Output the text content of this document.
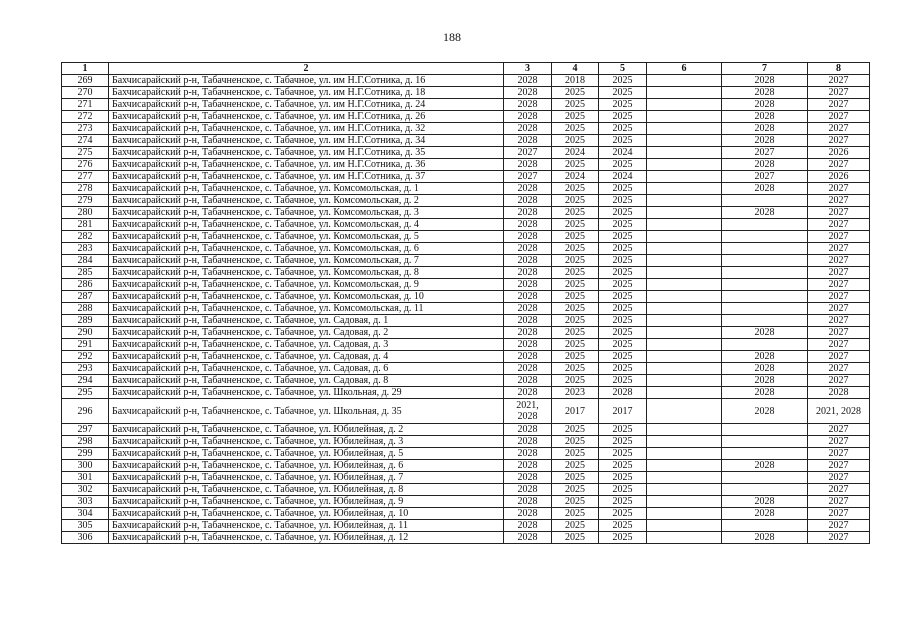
188
1	2	3	4	5	6	7	8
269	Бахчисарайский р-н, Табачненское, с. Табачное, ул. им Н.Г.Сотника, д. 16	2028	2018	2025		2028	2027
270	Бахчисарайский р-н, Табачненское, с. Табачное, ул. им Н.Г.Сотника, д. 18	2028	2025	2025		2028	2027
271	Бахчисарайский р-н, Табачненское, с. Табачное, ул. им Н.Г.Сотника, д. 24	2028	2025	2025		2028	2027
272	Бахчисарайский р-н, Табачненское, с. Табачное, ул. им Н.Г.Сотника, д. 26	2028	2025	2025		2028	2027
273	Бахчисарайский р-н, Табачненское, с. Табачное, ул. им Н.Г.Сотника, д. 32	2028	2025	2025		2028	2027
274	Бахчисарайский р-н, Табачненское, с. Табачное, ул. им Н.Г.Сотника, д. 34	2028	2025	2025		2028	2027
275	Бахчисарайский р-н, Табачненское, с. Табачное, ул. им Н.Г.Сотника, д. 35	2027	2024	2024		2027	2026
276	Бахчисарайский р-н, Табачненское, с. Табачное, ул. им Н.Г.Сотника, д. 36	2028	2025	2025		2028	2027
277	Бахчисарайский р-н, Табачненское, с. Табачное, ул. им Н.Г.Сотника, д. 37	2027	2024	2024		2027	2026
278	Бахчисарайский р-н, Табачненское, с. Табачное, ул. Комсомольская, д. 1	2028	2025	2025		2028	2027
279	Бахчисарайский р-н, Табачненское, с. Табачное, ул. Комсомольская, д. 2	2028	2025	2025			2027
280	Бахчисарайский р-н, Табачненское, с. Табачное, ул. Комсомольская, д. 3	2028	2025	2025		2028	2027
281	Бахчисарайский р-н, Табачненское, с. Табачное, ул. Комсомольская, д. 4	2028	2025	2025			2027
282	Бахчисарайский р-н, Табачненское, с. Табачное, ул. Комсомольская, д. 5	2028	2025	2025			2027
283	Бахчисарайский р-н, Табачненское, с. Табачное, ул. Комсомольская, д. 6	2028	2025	2025			2027
284	Бахчисарайский р-н, Табачненское, с. Табачное, ул. Комсомольская, д. 7	2028	2025	2025			2027
285	Бахчисарайский р-н, Табачненское, с. Табачное, ул. Комсомольская, д. 8	2028	2025	2025			2027
286	Бахчисарайский р-н, Табачненское, с. Табачное, ул. Комсомольская, д. 9	2028	2025	2025			2027
287	Бахчисарайский р-н, Табачненское, с. Табачное, ул. Комсомольская, д. 10	2028	2025	2025			2027
288	Бахчисарайский р-н, Табачненское, с. Табачное, ул. Комсомольская, д. 11	2028	2025	2025			2027
289	Бахчисарайский р-н, Табачненское, с. Табачное, ул. Садовая, д. 1	2028	2025	2025			2027
290	Бахчисарайский р-н, Табачненское, с. Табачное, ул. Садовая, д. 2	2028	2025	2025		2028	2027
291	Бахчисарайский р-н, Табачненское, с. Табачное, ул. Садовая, д. 3	2028	2025	2025			2027
292	Бахчисарайский р-н, Табачненское, с. Табачное, ул. Садовая, д. 4	2028	2025	2025		2028	2027
293	Бахчисарайский р-н, Табачненское, с. Табачное, ул. Садовая, д. 6	2028	2025	2025		2028	2027
294	Бахчисарайский р-н, Табачненское, с. Табачное, ул. Садовая, д. 8	2028	2025	2025		2028	2027
295	Бахчисарайский р-н, Табачненское, с. Табачное, ул. Школьная, д. 29	2028	2023	2028		2028	2028
296	Бахчисарайский р-н, Табачненское, с. Табачное, ул. Школьная, д. 35	2021, 2028	2017	2017		2028	2021, 2028
297	Бахчисарайский р-н, Табачненское, с. Табачное, ул. Юбилейная, д. 2	2028	2025	2025			2027
298	Бахчисарайский р-н, Табачненское, с. Табачное, ул. Юбилейная, д. 3	2028	2025	2025			2027
299	Бахчисарайский р-н, Табачненское, с. Табачное, ул. Юбилейная, д. 5	2028	2025	2025			2027
300	Бахчисарайский р-н, Табачненское, с. Табачное, ул. Юбилейная, д. 6	2028	2025	2025		2028	2027
301	Бахчисарайский р-н, Табачненское, с. Табачное, ул. Юбилейная, д. 7	2028	2025	2025			2027
302	Бахчисарайский р-н, Табачненское, с. Табачное, ул. Юбилейная, д. 8	2028	2025	2025			2027
303	Бахчисарайский р-н, Табачненское, с. Табачное, ул. Юбилейная, д. 9	2028	2025	2025		2028	2027
304	Бахчисарайский р-н, Табачненское, с. Табачное, ул. Юбилейная, д. 10	2028	2025	2025		2028	2027
305	Бахчисарайский р-н, Табачненское, с. Табачное, ул. Юбилейная, д. 11	2028	2025	2025			2027
306	Бахчисарайский р-н, Табачненское, с. Табачное, ул. Юбилейная, д. 12	2028	2025	2025		2028	2027
